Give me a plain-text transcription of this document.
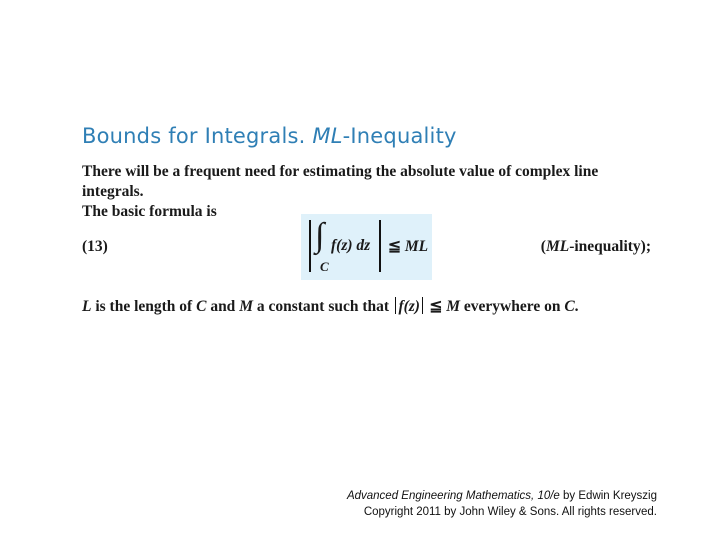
Bounds for Integrals. ML-Inequality
There will be a frequent need for estimating the absolute value of complex line integrals.
The basic formula is
(13)	∫
C
f(z) dz ≦ ML	(ML-inequality);
L is the length of C and M a constant such that f(z) ≦ M everywhere on C.
Advanced Engineering Mathematics, 10/e by Edwin Kreyszig
Copyright 2011 by John Wiley & Sons. All rights reserved.
